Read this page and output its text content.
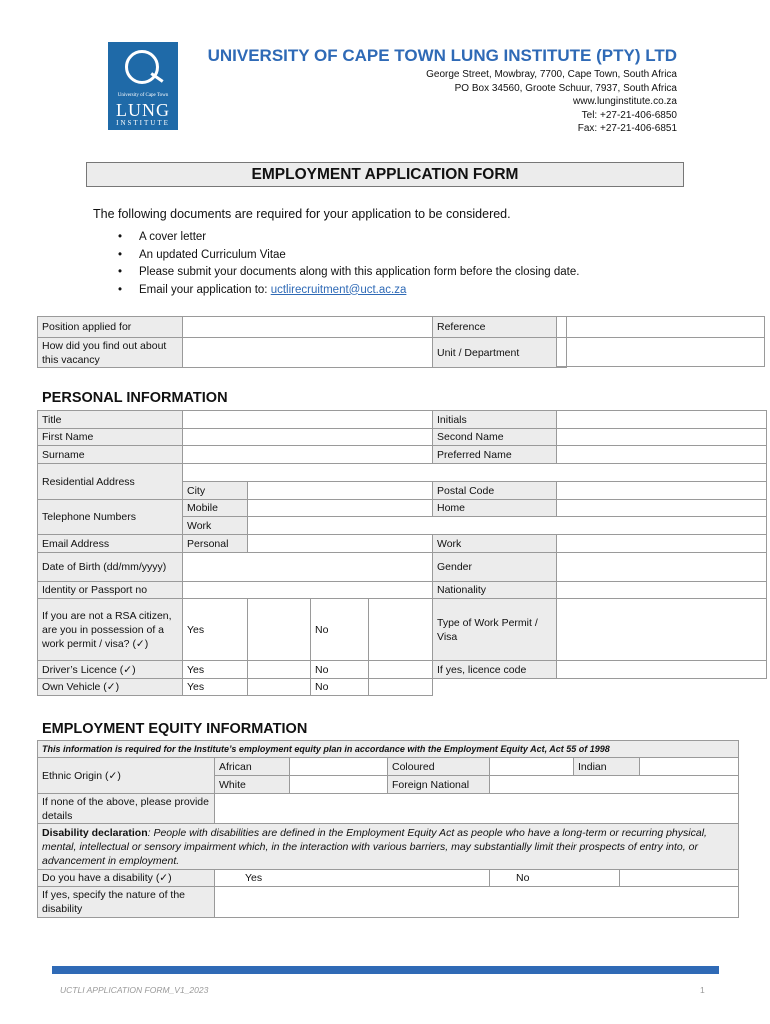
University of Cape Town
LUNG
INSTITUTE
UNIVERSITY OF CAPE TOWN LUNG INSTITUTE (PTY) LTD
George Street, Mowbray, 7700, Cape Town, South Africa
PO Box 34560, Groote Schuur, 7937, South Africa
www.lunginstitute.co.za
Tel: +27-21-406-6850
Fax: +27-21-406-6851
EMPLOYMENT APPLICATION FORM
The following documents are required for your application to be considered.
• A cover letter
• An updated Curriculum Vitae
• Please submit your documents along with this application form before the closing date.
• Email your application to: uctlirecruitment@uct.ac.za
Position applied for		Reference	
How did you find out about this vacancy		Unit / Department	
PERSONAL INFORMATION
Title					Initials	
First Name					Second Name	
Surname					Preferred Name	
Residential Address						
	City				Postal Code	
Telephone Numbers	Mobile				Home	
	Work					
Email Address	Personal				Work	
Date of Birth (dd/mm/yyyy)					Gender	
Identity or Passport no					Nationality	
If you are not a RSA citizen, are you in possession of a work permit / visa? (✓)	Yes		No		Type of Work Permit / Visa	
Driver’s Licence (✓)	Yes		No		If yes, licence code	
Own Vehicle (✓)	Yes		No			
EMPLOYMENT EQUITY INFORMATION
This information is required for the Institute’s employment equity plan in accordance with the Employment Equity Act, Act 55 of 1998							
Ethnic Origin (✓)	African		Coloured		Indian		
	White		Foreign National				
If none of the above, please provide details							
Disability declaration: People with disabilities are defined in the Employment Equity Act as people who have a long-term or recurring physical, mental, intellectual or sensory impairment which, in the interaction with various barriers, may substantially limit their prospects of entry into, or advancement in employment.							
Do you have a disability (✓)	Yes			No			
If yes, specify the nature of the disability							
UCTLI APPLICATION FORM_V1_2023	1
